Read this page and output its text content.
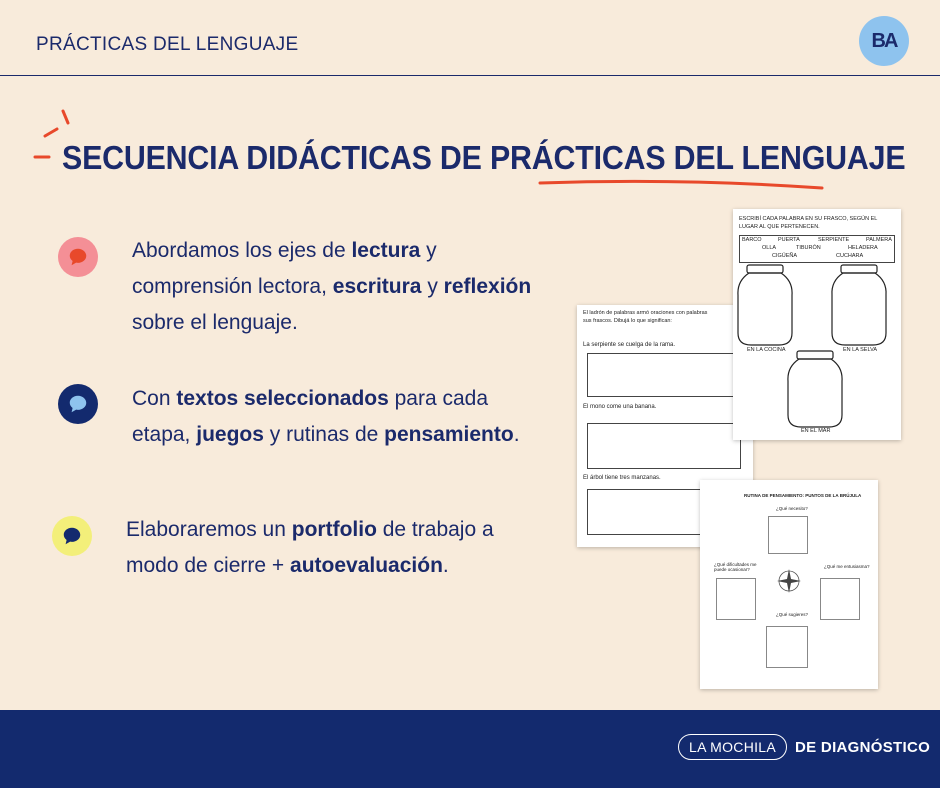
PRÁCTICAS DEL LENGUAJE	BA
SECUENCIA DIDÁCTICAS DE PRÁCTICAS DEL LENGUAJE
Abordamos los ejes de lectura y
comprensión lectora, escritura y reflexión
sobre el lenguaje.
Con textos seleccionados para cada
etapa, juegos y rutinas de pensamiento.
Elaboraremos un portfolio de trabajo a
modo de cierre + autoevaluación.
El ladrón de palabras armó oraciones con palabras
sus frascos. Dibujá lo que significan:
La serpiente se cuelga de la rama.
El mono come una banana.
El árbol tiene tres manzanas.
ESCRIBÍ CADA PALABRA EN SU FRASCO, SEGÚN EL LUGAR AL QUE PERTENECEN.
BARCO	PUERTA	SERPIENTE	PALMERA
OLLA	TIBURÓN	HELADERA
CIGÜEÑA	CUCHARA
EN LA COCINA	EN LA SELVA
EN EL MAR
RUTINA DE PENSAMIENTO: PUNTOS DE LA BRÚJULA
¿Qué necesito?
¿Qué dificultades me puede ocasionar?
¿Qué me entusiasma?
¿Qué sugieres?
LA MOCHILA	DE DIAGNÓSTICO
